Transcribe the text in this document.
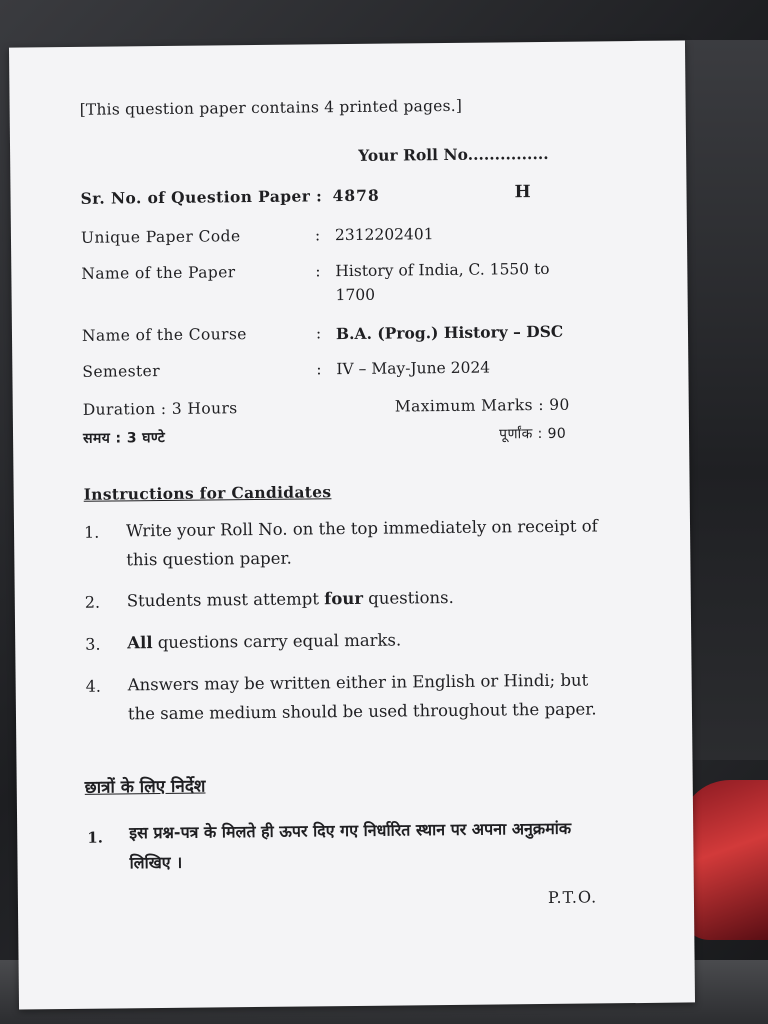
[This question paper contains 4 printed pages.]
Your Roll No...............
Sr. No. of Question Paper : 4878	H
Unique Paper Code	: 2312202401
Name of the Paper	: History of India, C. 1550 to
1700
Name of the Course	: B.A. (Prog.) History – DSC
Semester	: IV – May-June 2024
Duration : 3 Hours	Maximum Marks : 90
समय : 3 घण्टे	पूर्णांक : 90
Instructions for Candidates
1. Write your Roll No. on the top immediately on receipt of this question paper.
2. Students must attempt four questions.
3. All questions carry equal marks.
4. Answers may be written either in English or Hindi; but the same medium should be used throughout the paper.
छात्रों के लिए निर्देश
1. इस प्रश्न-पत्र के मिलते ही ऊपर दिए गए निर्धारित स्थान पर अपना अनुक्रमांक लिखिए ।
P.T.O.
